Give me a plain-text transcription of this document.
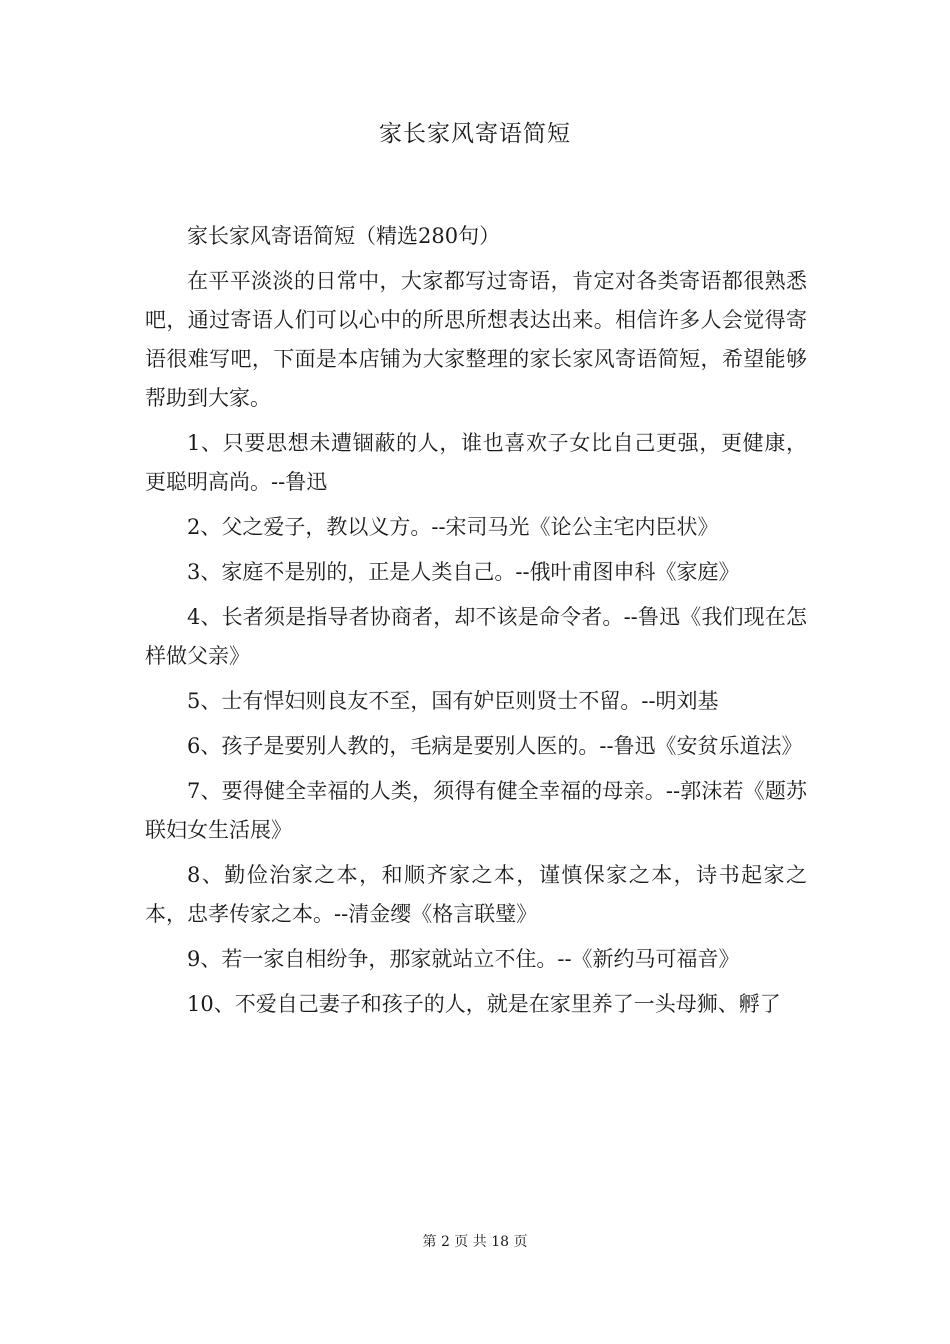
家长家风寄语简短

家长家风寄语简短（精选280句）

在平平淡淡的日常中，大家都写过寄语，肯定对各类寄语都很熟悉吧，通过寄语人们可以心中的所思所想表达出来。相信许多人会觉得寄语很难写吧，下面是本店铺为大家整理的家长家风寄语简短，希望能够帮助到大家。

1、只要思想未遭锢蔽的人，谁也喜欢子女比自己更强，更健康，更聪明高尚。--鲁迅

2、父之爱子，教以义方。--宋司马光《论公主宅内臣状》

3、家庭不是别的，正是人类自己。--俄叶甫图申科《家庭》

4、长者须是指导者协商者，却不该是命令者。--鲁迅《我们现在怎样做父亲》

5、士有悍妇则良友不至，国有妒臣则贤士不留。--明刘基

6、孩子是要别人教的，毛病是要别人医的。--鲁迅《安贫乐道法》

7、要得健全幸福的人类，须得有健全幸福的母亲。--郭沫若《题苏联妇女生活展》

8、勤俭治家之本，和顺齐家之本，谨慎保家之本，诗书起家之本，忠孝传家之本。--清金缨《格言联璧》

9、若一家自相纷争，那家就站立不住。--《新约马可福音》

10、不爱自己妻子和孩子的人，就是在家里养了一头母狮、孵了

第 2 页 共 18 页
